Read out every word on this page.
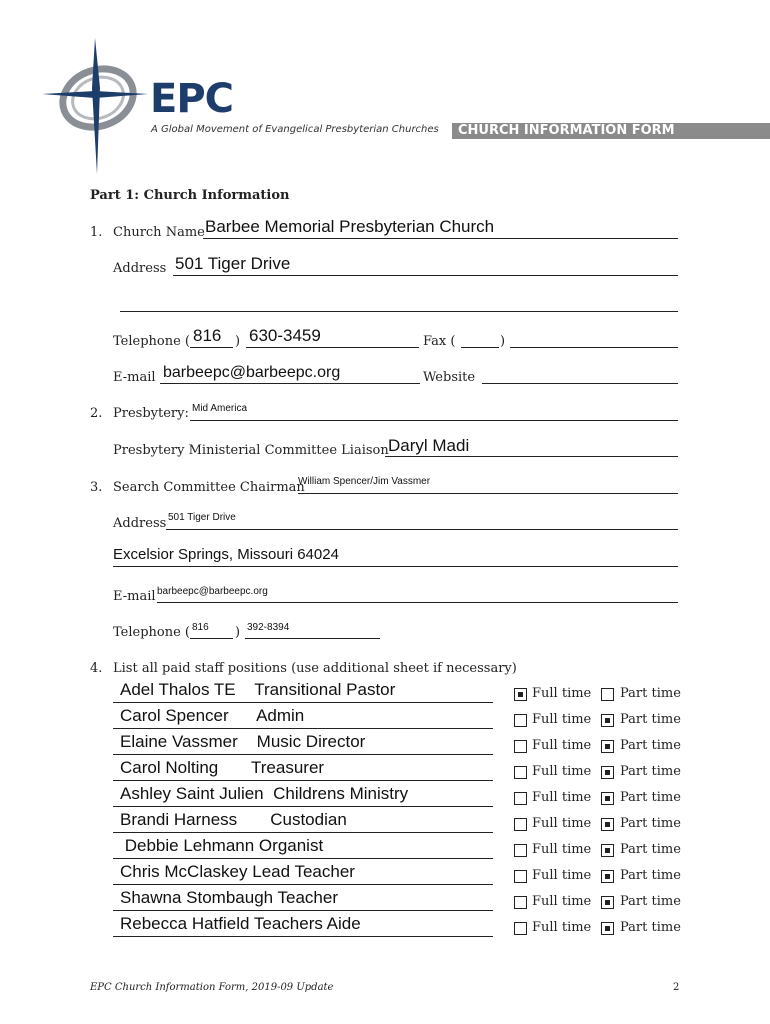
EPC
A Global Movement of Evangelical Presbyterian Churches CHURCH INFORMATION FORM
Part 1: Church Information
1. Church Name Barbee Memorial Presbyterian Church
Address 501 Tiger Drive
Telephone ( 816 ) 630-3459	Fax (	)
E-mail barbeepc@barbeepc.org	Website
2. Presbytery: Mid America
Presbytery Ministerial Committee Liaison Daryl Madi
3. Search Committee Chairman
William Spencer/Jim Vassmer
Address 501 Tiger Drive
Excelsior Springs, Missouri 64024
E-mail barbeepc@barbeepc.org
Telephone ( 816 ) 392-8394
4. List all paid staff positions (use additional sheet if necessary)
Adel Thalos TE    Transitional Pastor	Full time Part time
Carol Spencer      Admin	Full time Part time
Elaine Vassmer    Music Director	Full time Part time
Carol Nolting       Treasurer	Full time Part time
Ashley Saint Julien  Childrens Ministry	Full time Part time
Brandi Harness       Custodian	Full time Part time
Debbie Lehmann Organist	Full time Part time
Chris McClaskey Lead Teacher	Full time Part time
Shawna Stombaugh Teacher	Full time Part time
Rebecca Hatfield Teachers Aide	Full time Part time
EPC Church Information Form, 2019-09 Update	2
